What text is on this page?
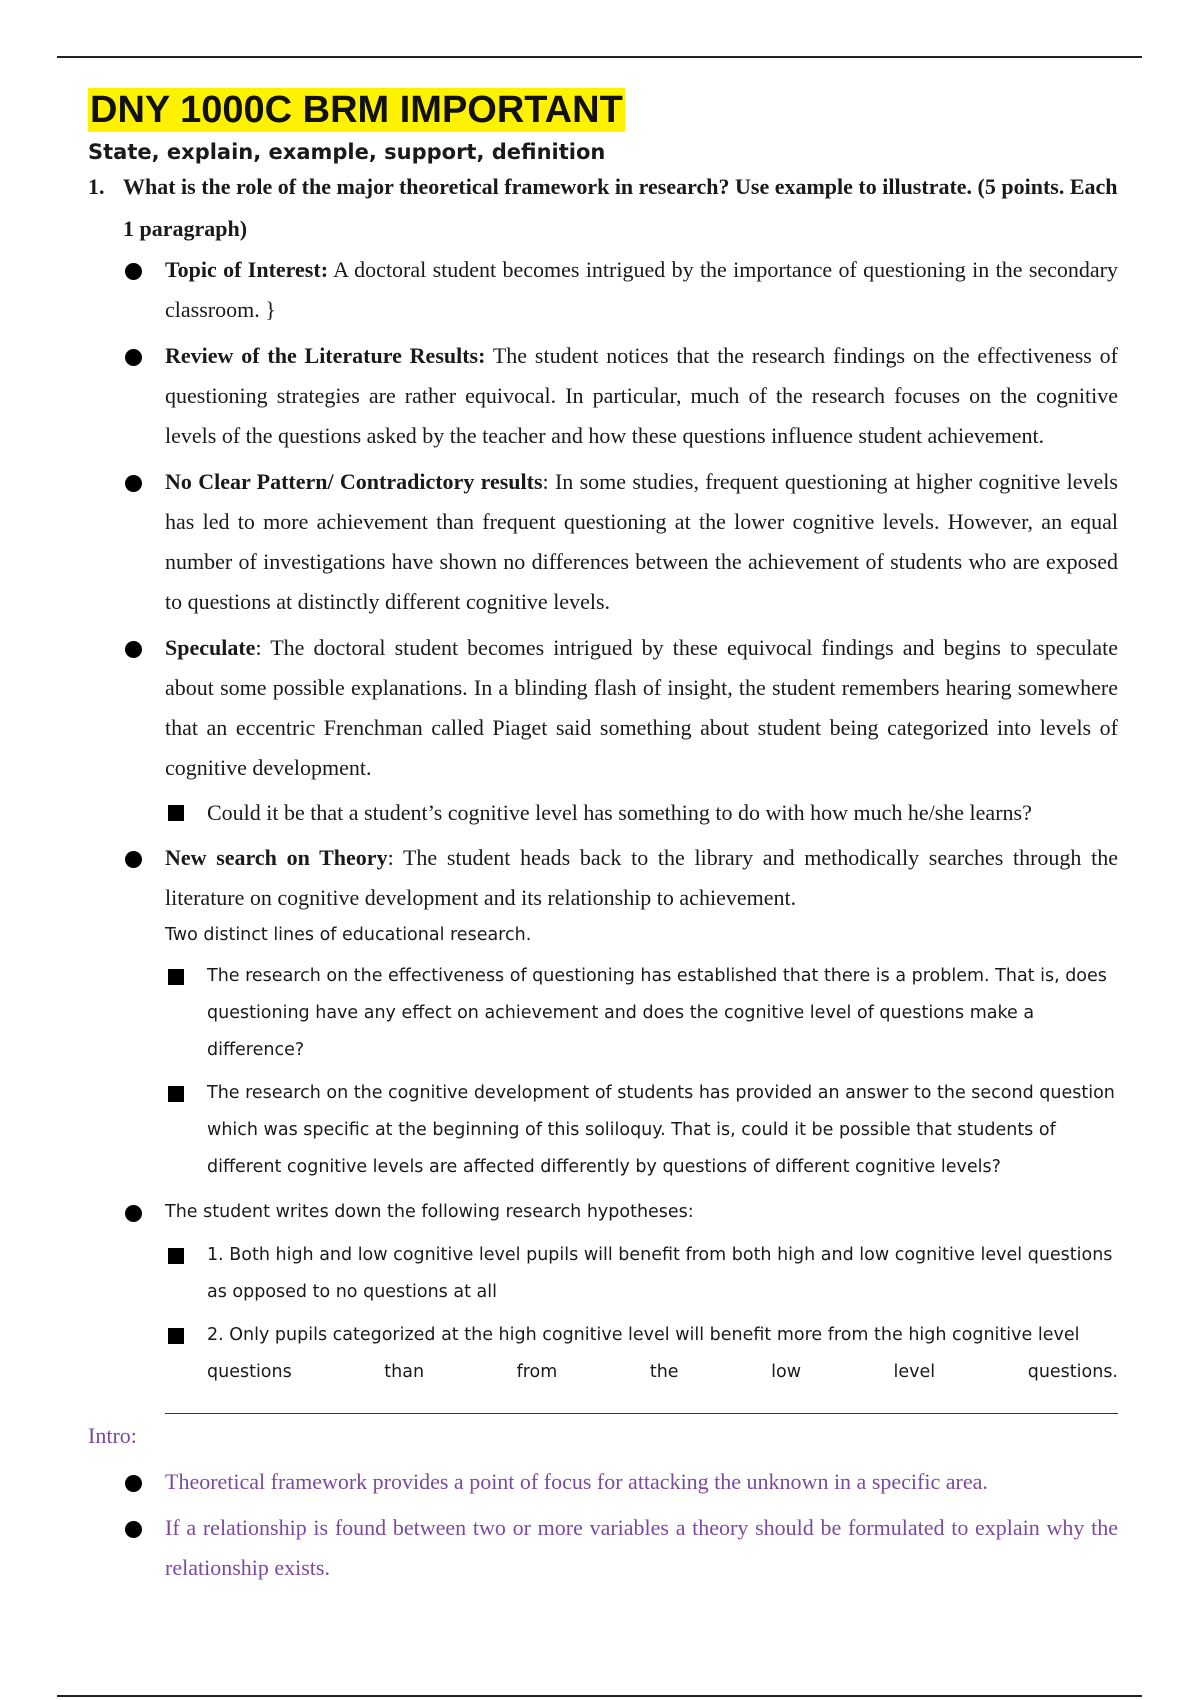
DNY 1000C BRM IMPORTANT

State, explain, example, support, definition

1. What is the role of the major theoretical framework in research? Use example to illustrate. (5 points. Each 1 paragraph)

Topic of Interest: A doctoral student becomes intrigued by the importance of questioning in the secondary classroom. }
Review of the Literature Results: The student notices that the research findings on the effectiveness of questioning strategies are rather equivocal. In particular, much of the research focuses on the cognitive levels of the questions asked by the teacher and how these questions influence student achievement.
No Clear Pattern/ Contradictory results: In some studies, frequent questioning at higher cognitive levels has led to more achievement than frequent questioning at the lower cognitive levels. However, an equal number of investigations have shown no differences between the achievement of students who are exposed to questions at distinctly different cognitive levels.
Speculate: The doctoral student becomes intrigued by these equivocal findings and begins to speculate about some possible explanations. In a blinding flash of insight, the student remembers hearing somewhere that an eccentric Frenchman called Piaget said something about student being categorized into levels of cognitive development.
Could it be that a student’s cognitive level has something to do with how much he/she learns?
New search on Theory: The student heads back to the library and methodically searches through the literature on cognitive development and its relationship to achievement.
Two distinct lines of educational research.
The research on the effectiveness of questioning has established that there is a problem. That is, does questioning have any effect on achievement and does the cognitive level of questions make a difference?
The research on the cognitive development of students has provided an answer to the second question which was specific at the beginning of this soliloquy. That is, could it be possible that students of different cognitive levels are affected differently by questions of different cognitive levels?
The student writes down the following research hypotheses:
1. Both high and low cognitive level pupils will benefit from both high and low cognitive level questions as opposed to no questions at all
2. Only pupils categorized at the high cognitive level will benefit more from the high cognitive level questions than from the low level questions.

Intro:

Theoretical framework provides a point of focus for attacking the unknown in a specific area.
If a relationship is found between two or more variables a theory should be formulated to explain why the relationship exists.
